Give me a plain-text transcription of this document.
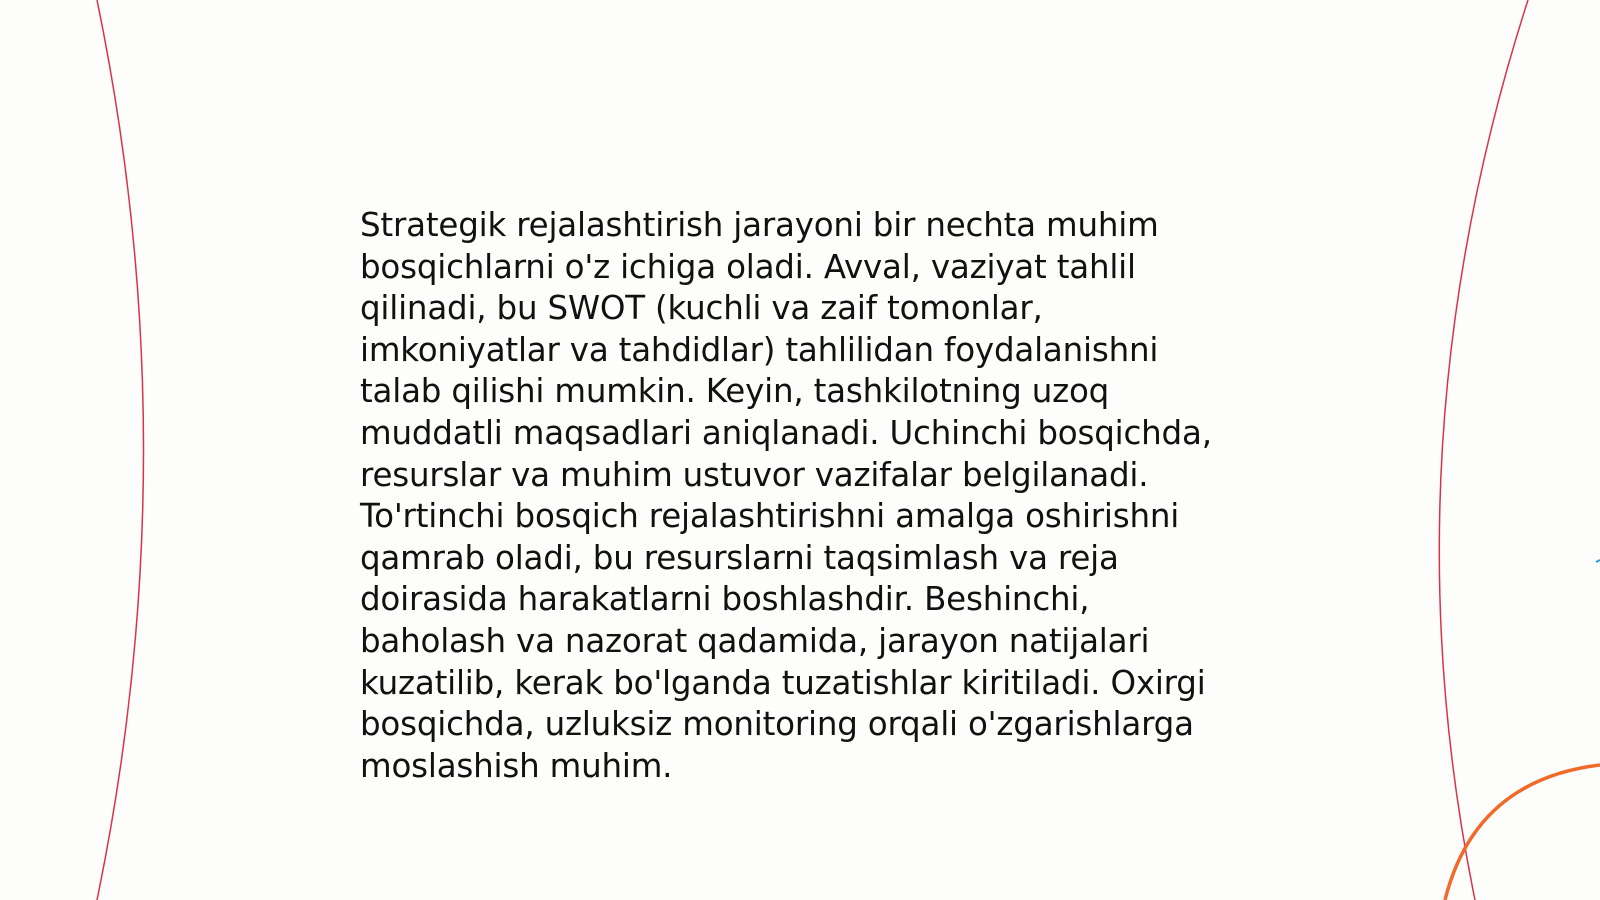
Strategik rejalashtirish jarayoni bir nechta muhim bosqichlarni o'z ichiga oladi. Avval, vaziyat tahlil qilinadi, bu SWOT (kuchli va zaif tomonlar, imkoniyatlar va tahdidlar) tahlilidan foydalanishni talab qilishi mumkin. Keyin, tashkilotning uzoq muddatli maqsadlari aniqlanadi. Uchinchi bosqichda, resurslar va muhim ustuvor vazifalar belgilanadi. To'rtinchi bosqich rejalashtirishni amalga oshirishni qamrab oladi, bu resurslarni taqsimlash va reja doirasida harakatlarni boshlashdir. Beshinchi, baholash va nazorat qadamida, jarayon natijalari kuzatilib, kerak bo'lganda tuzatishlar kiritiladi. Oxirgi bosqichda, uzluksiz monitoring orqali o'zgarishlarga moslashish muhim.
